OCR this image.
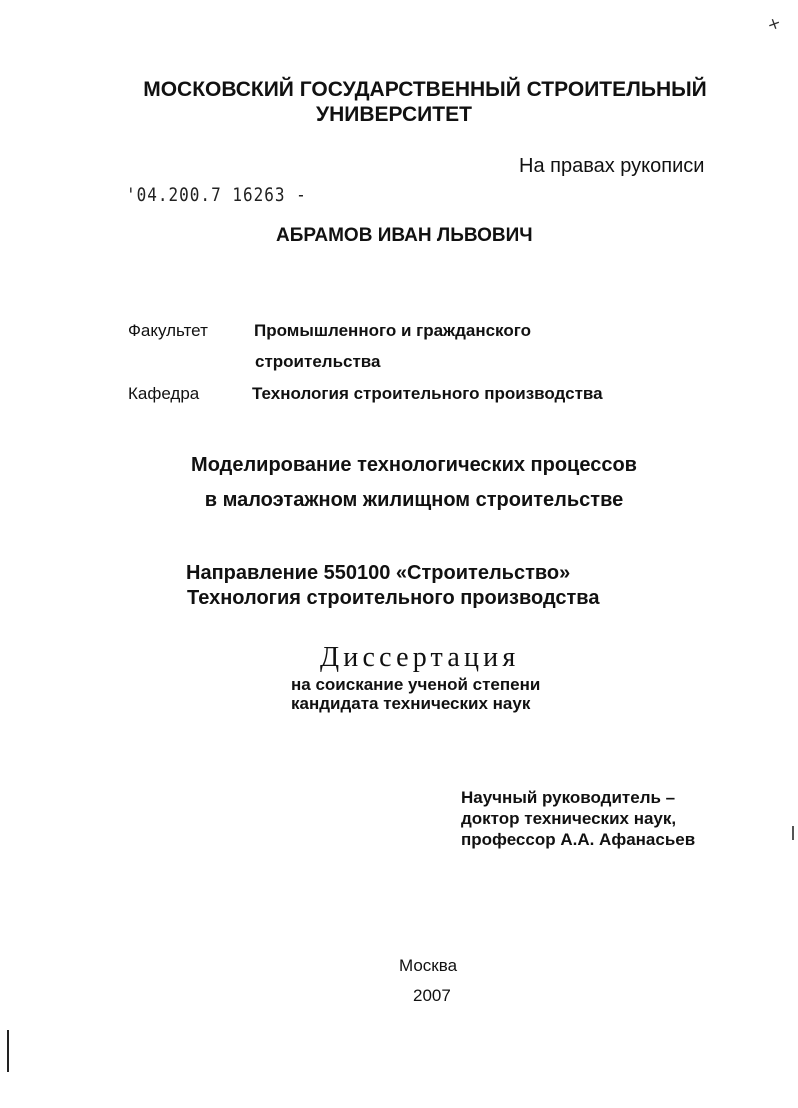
✕
МОСКОВСКИЙ ГОСУДАРСТВЕННЫЙ СТРОИТЕЛЬНЫЙ
УНИВЕРСИТЕТ
На правах рукописи
'04.200.7 16263 -
АБРАМОВ ИВАН ЛЬВОВИЧ
Факультет	Промышленного и гражданского
строительства
Кафедра	Технология строительного производства
Моделирование технологических процессов
в малоэтажном жилищном строительстве
Направление 550100 «Строительство»
Технология строительного производства
Диссертация
на соискание ученой степени
кандидата технических наук
Научный руководитель –
доктор технических наук,
профессор А.А. Афанасьев
Москва
2007
